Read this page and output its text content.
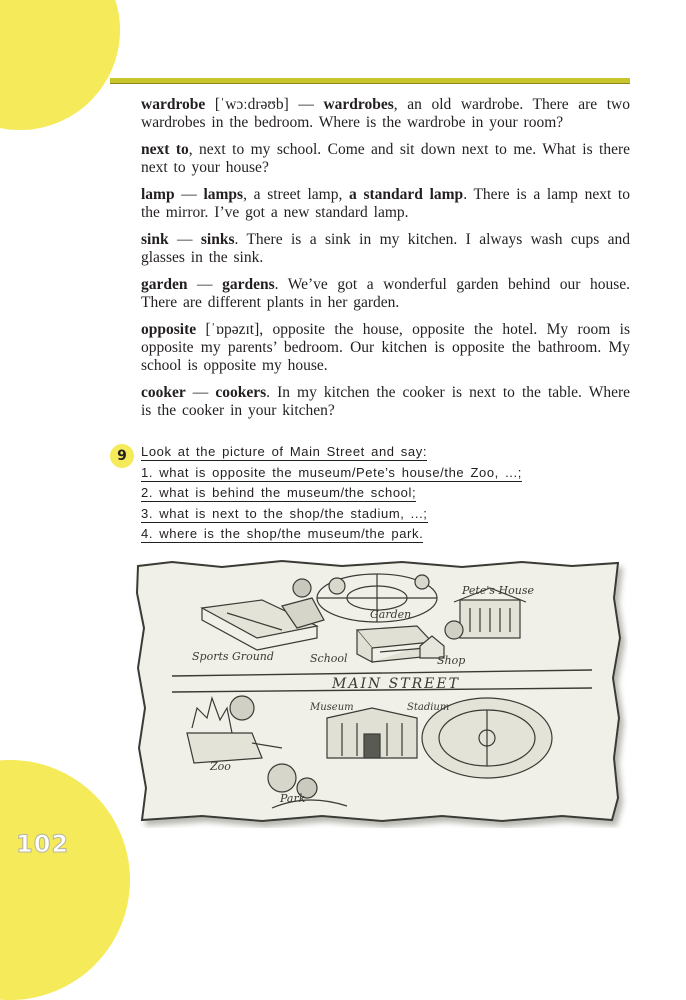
wardrobe [ˈwɔːdrəʊb] — wardrobes, an old wardrobe. There are two wardrobes in the bedroom. Where is the wardrobe in your room?

next to, next to my school. Come and sit down next to me. What is there next to your house?

lamp — lamps, a street lamp, a standard lamp. There is a lamp next to the mirror. I’ve got a new standard lamp.

sink — sinks. There is a sink in my kitchen. I always wash cups and glasses in the sink.

garden — gardens. We’ve got a wonderful garden behind our house. There are different plants in her garden.

opposite [ˈɒpəzɪt], opposite the house, opposite the hotel. My room is opposite my parents’ bedroom. Our kitchen is opposite the bathroom. My school is opposite my house.

cooker — cookers. In my kitchen the cooker is next to the table. Where is the cooker in your kitchen?

9	Look at the picture of Main Street and say:
1. what is opposite the museum/Pete’s house/the Zoo, ...;
2. what is behind the museum/the school;
3. what is next to the shop/the stadium, ...;
4. where is the shop/the museum/the park.
Pete's House
Garden
Sports Ground	School	Shop
MAIN STREET
Museum	Stadium
Zoo
Park
102
